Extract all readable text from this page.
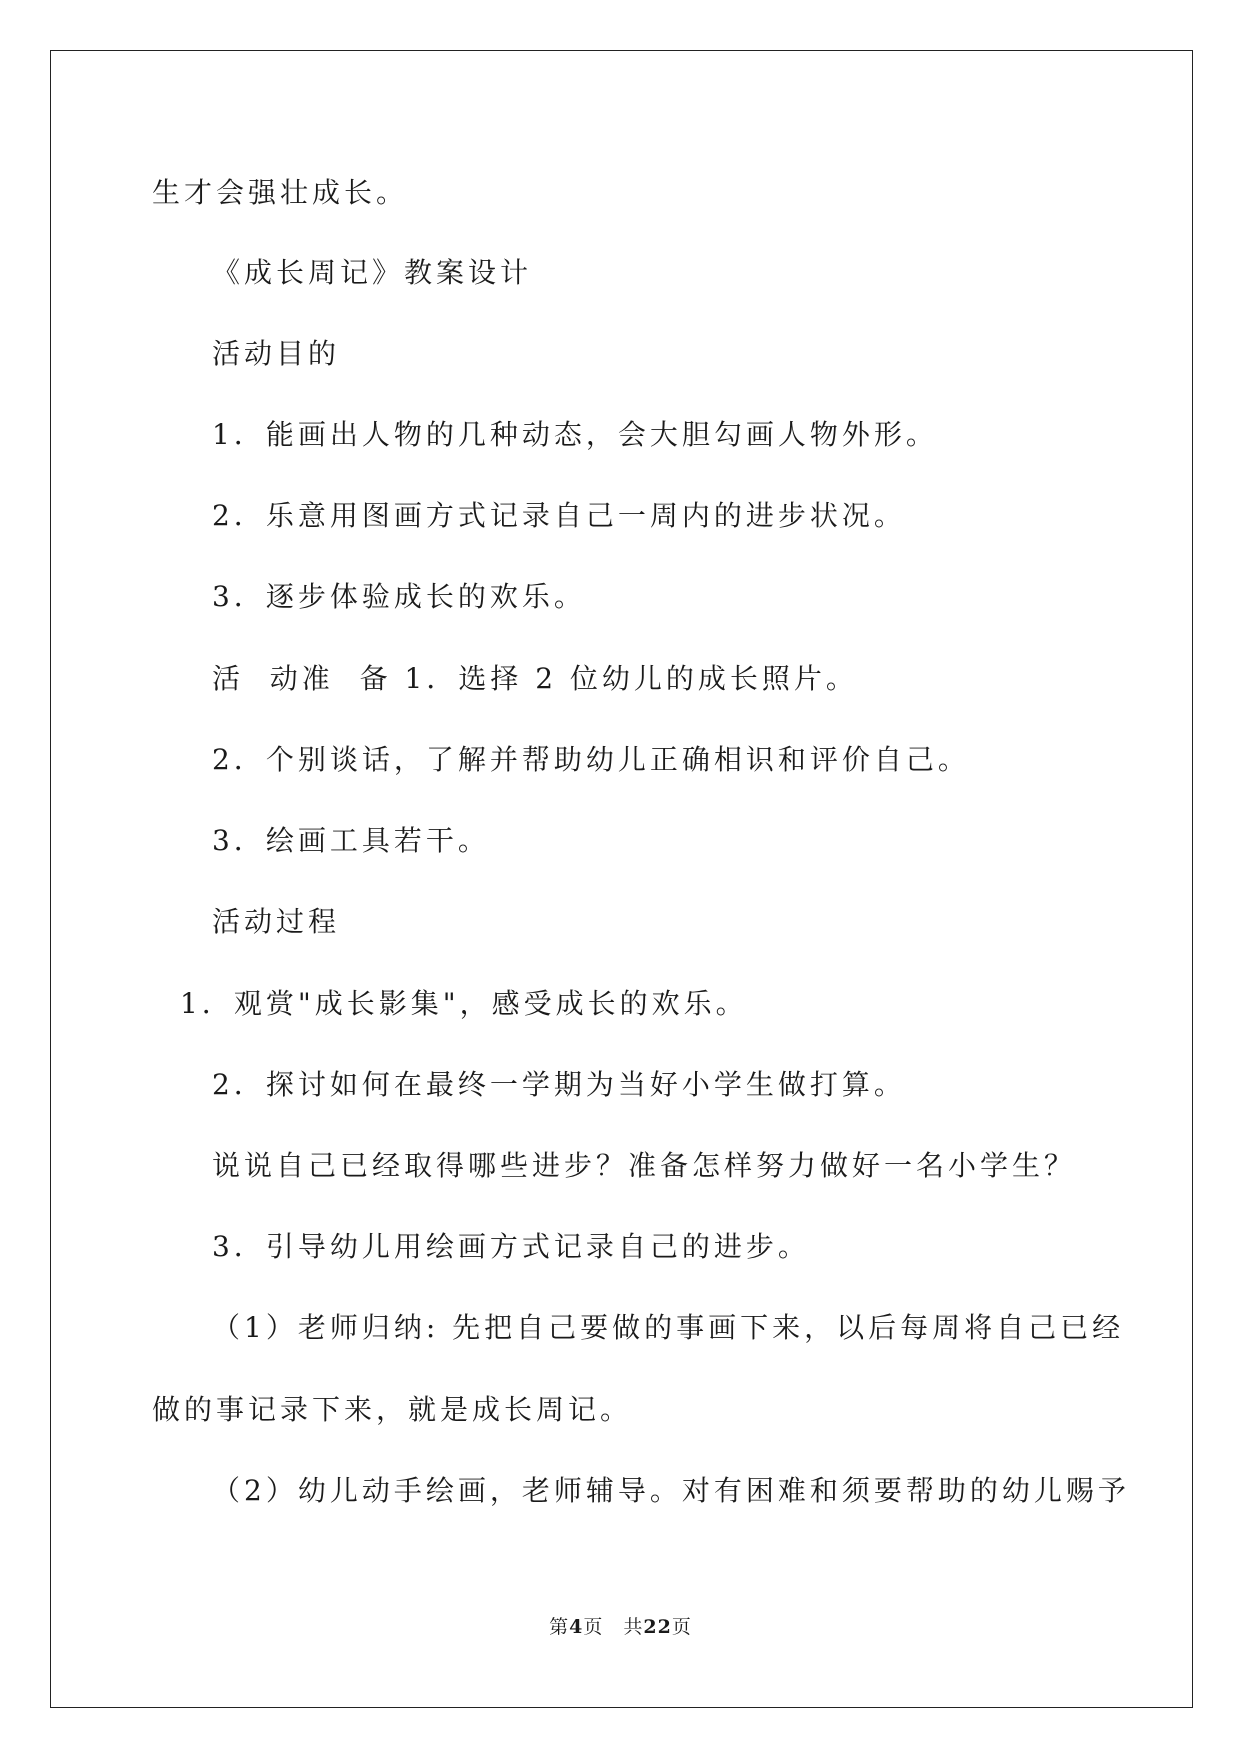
生才会强壮成长。
《成长周记》教案设计
活动目的
1．能画出人物的几种动态，会大胆勾画人物外形。
2．乐意用图画方式记录自己一周内的进步状况。
3．逐步体验成长的欢乐。
活  动准  备 1．选择 2 位幼儿的成长照片。
2．个别谈话，了解并帮助幼儿正确相识和评价自己。
3．绘画工具若干。
活动过程
1．观赏"成长影集"，感受成长的欢乐。
2．探讨如何在最终一学期为当好小学生做打算。
说说自己已经取得哪些进步？准备怎样努力做好一名小学生？
3．引导幼儿用绘画方式记录自己的进步。
（1）老师归纳: 先把自己要做的事画下来，以后每周将自己已经
做的事记录下来，就是成长周记。
（2）幼儿动手绘画，老师辅导。对有困难和须要帮助的幼儿赐予
第4页　共22页
